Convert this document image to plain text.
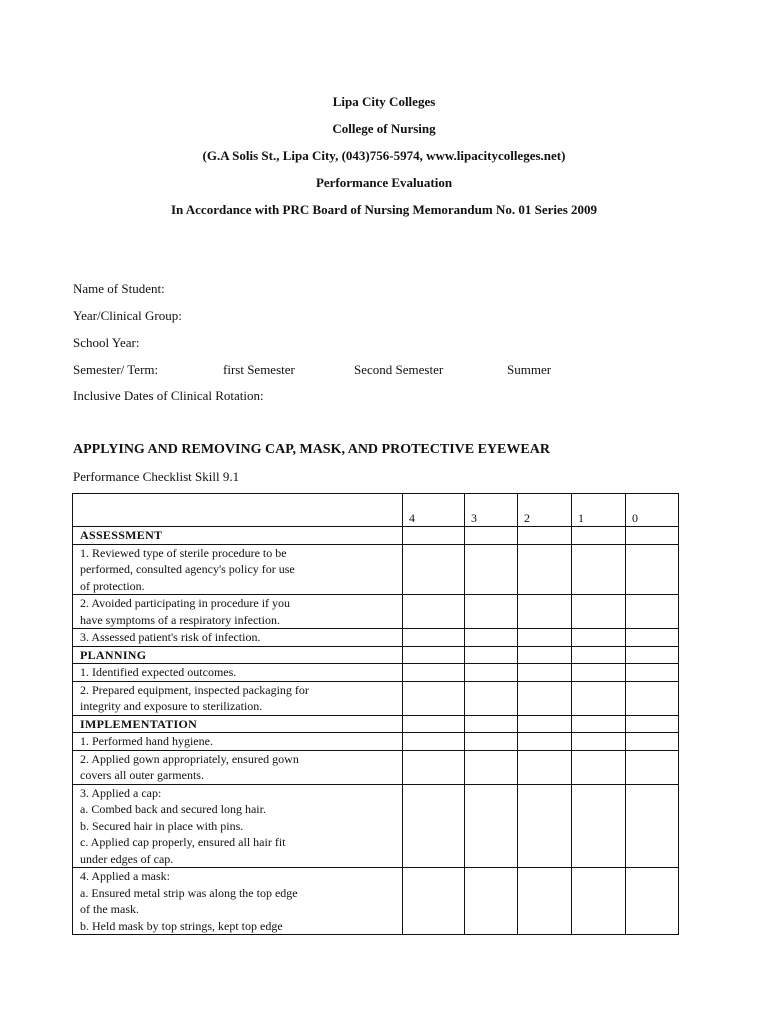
Lipa City Colleges
College of Nursing
(G.A Solis St., Lipa City, (043)756-5974, www.lipacitycolleges.net)
Performance Evaluation
In Accordance with PRC Board of Nursing Memorandum No. 01 Series 2009
Name of Student:
Year/Clinical Group:
School Year:
Semester/ Term:	first Semester	Second Semester	Summer
Inclusive Dates of Clinical Rotation:
APPLYING AND REMOVING CAP, MASK, AND PROTECTIVE EYEWEAR
Performance Checklist Skill 9.1
	4	3	2	1	0
ASSESSMENT					

1. Reviewed type of sterile procedure to be
performed, consulted agency's policy for use
of protection.					

2. Avoided participating in procedure if you
have symptoms of a respiratory infection.					

3. Assessed patient's risk of infection.					

PLANNING					

1. Identified expected outcomes.					

2. Prepared equipment, inspected packaging for
integrity and exposure to sterilization.					

IMPLEMENTATION					

1. Performed hand hygiene.					

2. Applied gown appropriately, ensured gown
covers all outer garments.					

3. Applied a cap:
a. Combed back and secured long hair.
b. Secured hair in place with pins.
c. Applied cap properly, ensured all hair fit
under edges of cap.					

4. Applied a mask:
a. Ensured metal strip was along the top edge
of the mask.
b. Held mask by top strings, kept top edge					
